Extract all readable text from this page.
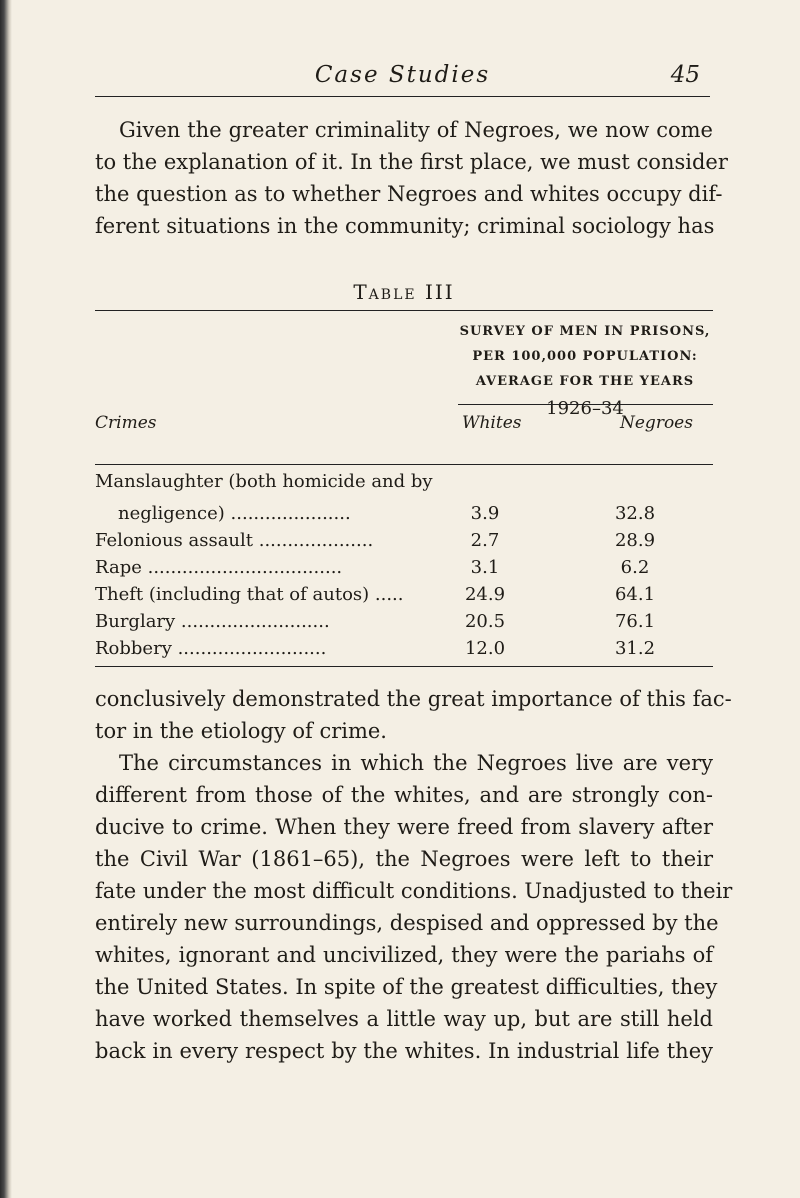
Case Studies	45

Given the greater criminality of Negroes, we now come
to the explanation of it. In the first place, we must consider
the question as to whether Negroes and whites occupy dif-
ferent situations in the community; criminal sociology has

Table III
SURVEY OF MEN IN PRISONS,
PER 100,000 POPULATION:
AVERAGE FOR THE YEARS
1926–34
Crimes	Whites	Negroes
Manslaughter (both homicide and by
negligence) .....................	3.9	32.8
Felonious assault ....................	2.7	28.9
Rape ..................................	3.1	6.2
Theft (including that of autos) .....	24.9	64.1
Burglary ..........................	20.5	76.1
Robbery ..........................	12.0	31.2

conclusively demonstrated the great importance of this fac-
tor in the etiology of crime.

The circumstances in which the Negroes live are very
different from those of the whites, and are strongly con-
ducive to crime. When they were freed from slavery after
the Civil War (1861–65), the Negroes were left to their
fate under the most difficult conditions. Unadjusted to their
entirely new surroundings, despised and oppressed by the
whites, ignorant and uncivilized, they were the pariahs of
the United States. In spite of the greatest difficulties, they
have worked themselves a little way up, but are still held
back in every respect by the whites. In industrial life they
